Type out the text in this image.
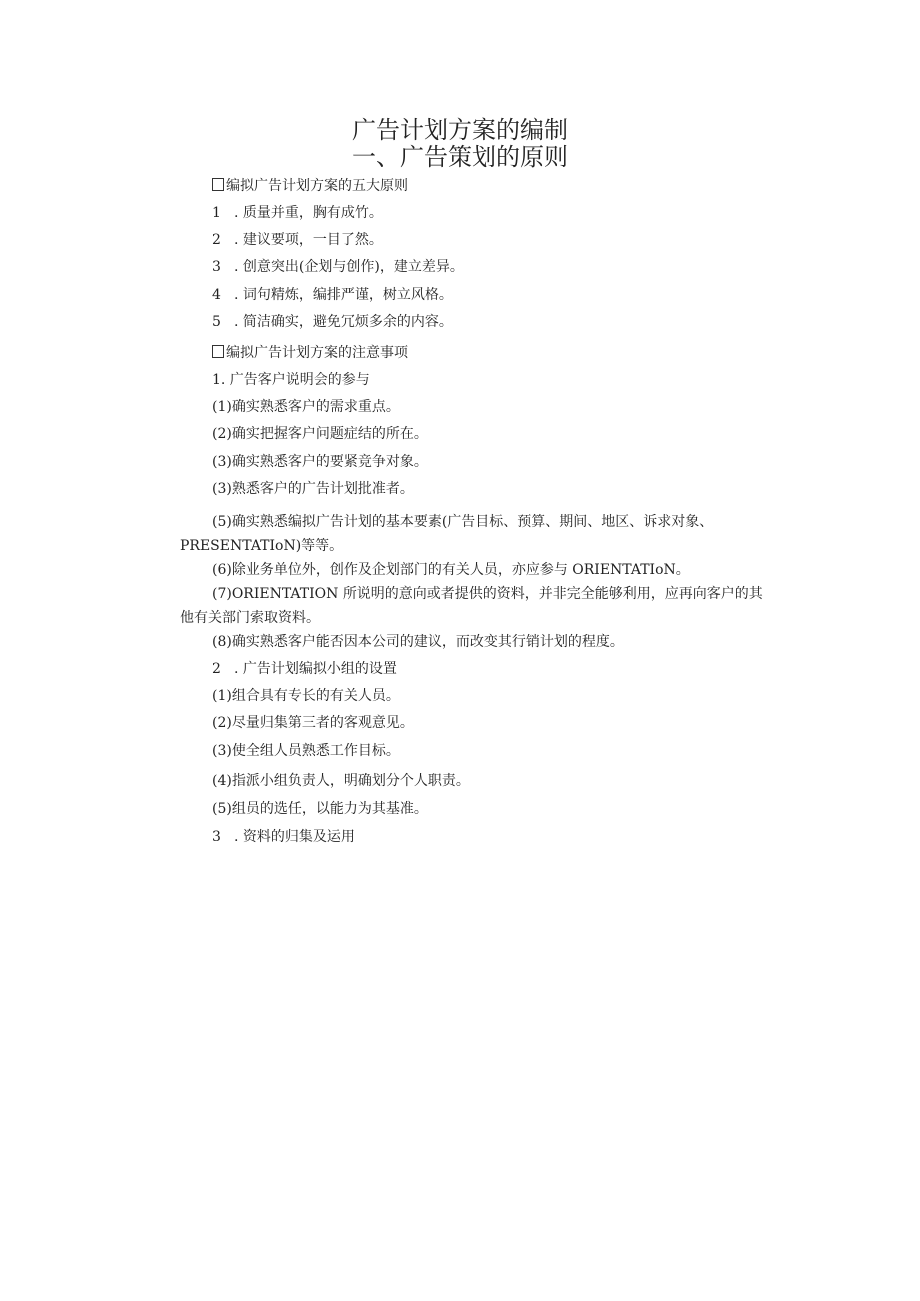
广告计划方案的编制
一、广告策划的原则
编拟广告计划方案的五大原则
1 . 质量并重，胸有成竹。
2 . 建议要项，一目了然。
3 . 创意突出(企划与创作)，建立差异。
4 . 词句精炼，编排严谨，树立风格。
5 . 简洁确实，避免冗烦多余的内容。
编拟广告计划方案的注意事项
1. 广告客户说明会的参与
(1)确实熟悉客户的需求重点。
(2)确实把握客户问题症结的所在。
(3)确实熟悉客户的要紧竞争对象。
(3)熟悉客户的广告计划批准者。
(5)确实熟悉编拟广告计划的基本要素(广告目标、预算、期间、地区、诉求对象、PRESENTATIoN)等等。
(6)除业务单位外，创作及企划部门的有关人员，亦应参与 ORIENTATIoN。
(7)ORIENTATION 所说明的意向或者提供的资料，并非完全能够利用，应再向客户的其他有关部门索取资料。
(8)确实熟悉客户能否因本公司的建议，而改变其行销计划的程度。
2 . 广告计划编拟小组的设置
(1)组合具有专长的有关人员。
(2)尽量归集第三者的客观意见。
(3)使全组人员熟悉工作目标。
(4)指派小组负责人，明确划分个人职责。
(5)组员的选任，以能力为其基准。
3 . 资料的归集及运用
